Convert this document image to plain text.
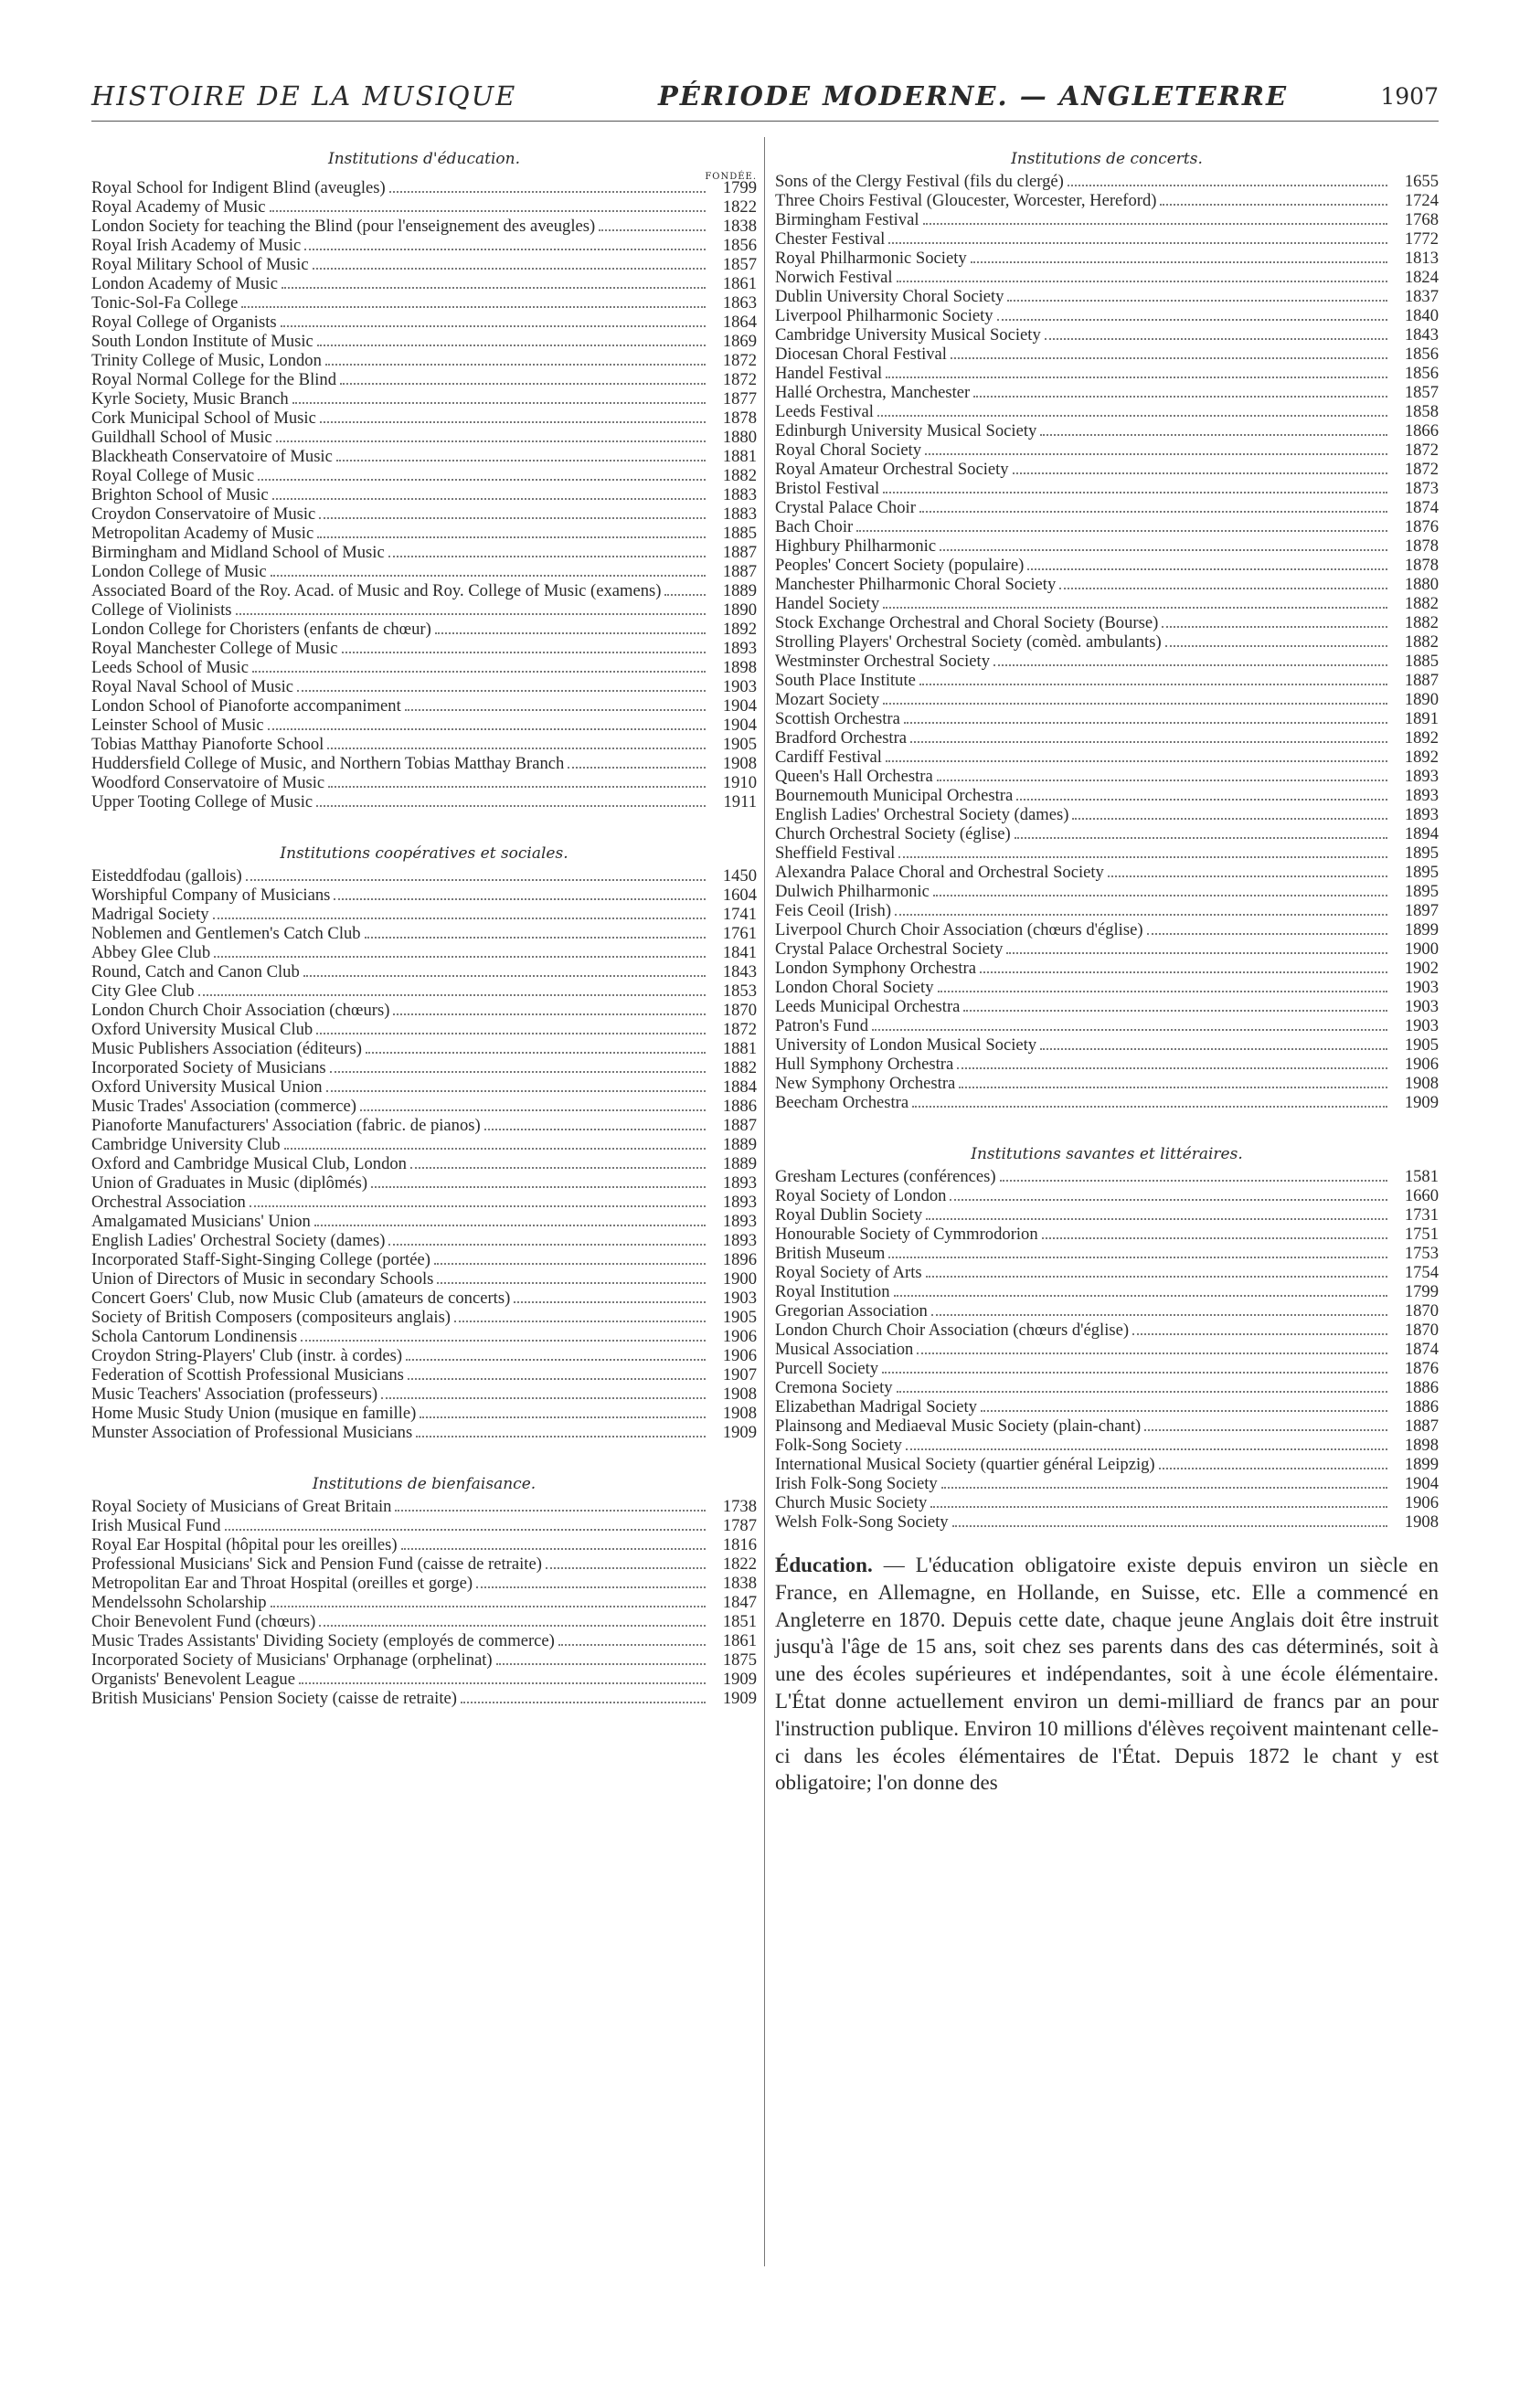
HISTOIRE DE LA MUSIQUE	PÉRIODE MODERNE. — ANGLETERRE	1907
Institutions d'éducation.
FONDÉE.
Royal School for Indigent Blind (aveugles)	1799
Royal Academy of Music	1822
London Society for teaching the Blind (pour l'enseignement des aveugles)	1838
Royal Irish Academy of Music	1856
Royal Military School of Music	1857
London Academy of Music	1861
Tonic-Sol-Fa College	1863
Royal College of Organists	1864
South London Institute of Music	1869
Trinity College of Music, London	1872
Royal Normal College for the Blind	1872
Kyrle Society, Music Branch	1877
Cork Municipal School of Music	1878
Guildhall School of Music	1880
Blackheath Conservatoire of Music	1881
Royal College of Music	1882
Brighton School of Music	1883
Croydon Conservatoire of Music	1883
Metropolitan Academy of Music	1885
Birmingham and Midland School of Music	1887
London College of Music	1887
Associated Board of the Roy. Acad. of Music and Roy. College of Music (examens)	1889
College of Violinists	1890
London College for Choristers (enfants de chœur)	1892
Royal Manchester College of Music	1893
Leeds School of Music	1898
Royal Naval School of Music	1903
London School of Pianoforte accompaniment	1904
Leinster School of Music	1904
Tobias Matthay Pianoforte School	1905
Huddersfield College of Music, and Northern Tobias Matthay Branch	1908
Woodford Conservatoire of Music	1910
Upper Tooting College of Music	1911
Institutions coopératives et sociales.
Eisteddfodau (gallois)	1450
Worshipful Company of Musicians	1604
Madrigal Society	1741
Noblemen and Gentlemen's Catch Club	1761
Abbey Glee Club	1841
Round, Catch and Canon Club	1843
City Glee Club	1853
London Church Choir Association (chœurs)	1870
Oxford University Musical Club	1872
Music Publishers Association (éditeurs)	1881
Incorporated Society of Musicians	1882
Oxford University Musical Union	1884
Music Trades' Association (commerce)	1886
Pianoforte Manufacturers' Association (fabric. de pianos)	1887
Cambridge University Club	1889
Oxford and Cambridge Musical Club, London	1889
Union of Graduates in Music (diplômés)	1893
Orchestral Association	1893
Amalgamated Musicians' Union	1893
English Ladies' Orchestral Society (dames)	1893
Incorporated Staff-Sight-Singing College (portée)	1896
Union of Directors of Music in secondary Schools	1900
Concert Goers' Club, now Music Club (amateurs de concerts)	1903
Society of British Composers (compositeurs anglais)	1905
Schola Cantorum Londinensis	1906
Croydon String-Players' Club (instr. à cordes)	1906
Federation of Scottish Professional Musicians	1907
Music Teachers' Association (professeurs)	1908
Home Music Study Union (musique en famille)	1908
Munster Association of Professional Musicians	1909
Institutions de bienfaisance.
Royal Society of Musicians of Great Britain	1738
Irish Musical Fund	1787
Royal Ear Hospital (hôpital pour les oreilles)	1816
Professional Musicians' Sick and Pension Fund (caisse de retraite)	1822
Metropolitan Ear and Throat Hospital (oreilles et gorge)	1838
Mendelssohn Scholarship	1847
Choir Benevolent Fund (chœurs)	1851
Music Trades Assistants' Dividing Society (employés de commerce)	1861
Incorporated Society of Musicians' Orphanage (orphelinat)	1875
Organists' Benevolent League	1909
British Musicians' Pension Society (caisse de retraite)	1909
Institutions de concerts.
Sons of the Clergy Festival (fils du clergé)	1655
Three Choirs Festival (Gloucester, Worcester, Hereford)	1724
Birmingham Festival	1768
Chester Festival	1772
Royal Philharmonic Society	1813
Norwich Festival	1824
Dublin University Choral Society	1837
Liverpool Philharmonic Society	1840
Cambridge University Musical Society	1843
Diocesan Choral Festival	1856
Handel Festival	1856
Hallé Orchestra, Manchester	1857
Leeds Festival	1858
Edinburgh University Musical Society	1866
Royal Choral Society	1872
Royal Amateur Orchestral Society	1872
Bristol Festival	1873
Crystal Palace Choir	1874
Bach Choir	1876
Highbury Philharmonic	1878
Peoples' Concert Society (populaire)	1878
Manchester Philharmonic Choral Society	1880
Handel Society	1882
Stock Exchange Orchestral and Choral Society (Bourse)	1882
Strolling Players' Orchestral Society (comèd. ambulants)	1882
Westminster Orchestral Society	1885
South Place Institute	1887
Mozart Society	1890
Scottish Orchestra	1891
Bradford Orchestra	1892
Cardiff Festival	1892
Queen's Hall Orchestra	1893
Bournemouth Municipal Orchestra	1893
English Ladies' Orchestral Society (dames)	1893
Church Orchestral Society (église)	1894
Sheffield Festival	1895
Alexandra Palace Choral and Orchestral Society	1895
Dulwich Philharmonic	1895
Feis Ceoil (Irish)	1897
Liverpool Church Choir Association (chœurs d'église)	1899
Crystal Palace Orchestral Society	1900
London Symphony Orchestra	1902
London Choral Society	1903
Leeds Municipal Orchestra	1903
Patron's Fund	1903
University of London Musical Society	1905
Hull Symphony Orchestra	1906
New Symphony Orchestra	1908
Beecham Orchestra	1909
Institutions savantes et littéraires.
Gresham Lectures (conférences)	1581
Royal Society of London	1660
Royal Dublin Society	1731
Honourable Society of Cymmrodorion	1751
British Museum	1753
Royal Society of Arts	1754
Royal Institution	1799
Gregorian Association	1870
London Church Choir Association (chœurs d'église)	1870
Musical Association	1874
Purcell Society	1876
Cremona Society	1886
Elizabethan Madrigal Society	1886
Plainsong and Mediaeval Music Society (plain-chant)	1887
Folk-Song Society	1898
International Musical Society (quartier général Leipzig)	1899
Irish Folk-Song Society	1904
Church Music Society	1906
Welsh Folk-Song Society	1908
Éducation. — L'éducation obligatoire existe depuis environ un siècle en France, en Allemagne, en Hollande, en Suisse, etc. Elle a commencé en Angleterre en 1870. Depuis cette date, chaque jeune Anglais doit être instruit jusqu'à l'âge de 15 ans, soit chez ses parents dans des cas déterminés, soit à une des écoles supérieures et indépendantes, soit à une école élémentaire. L'État donne actuellement environ un demi-milliard de francs par an pour l'instruction publique. Environ 10 millions d'élèves reçoivent maintenant celle-ci dans les écoles élémentaires de l'État. Depuis 1872 le chant y est obligatoire; l'on donne des
